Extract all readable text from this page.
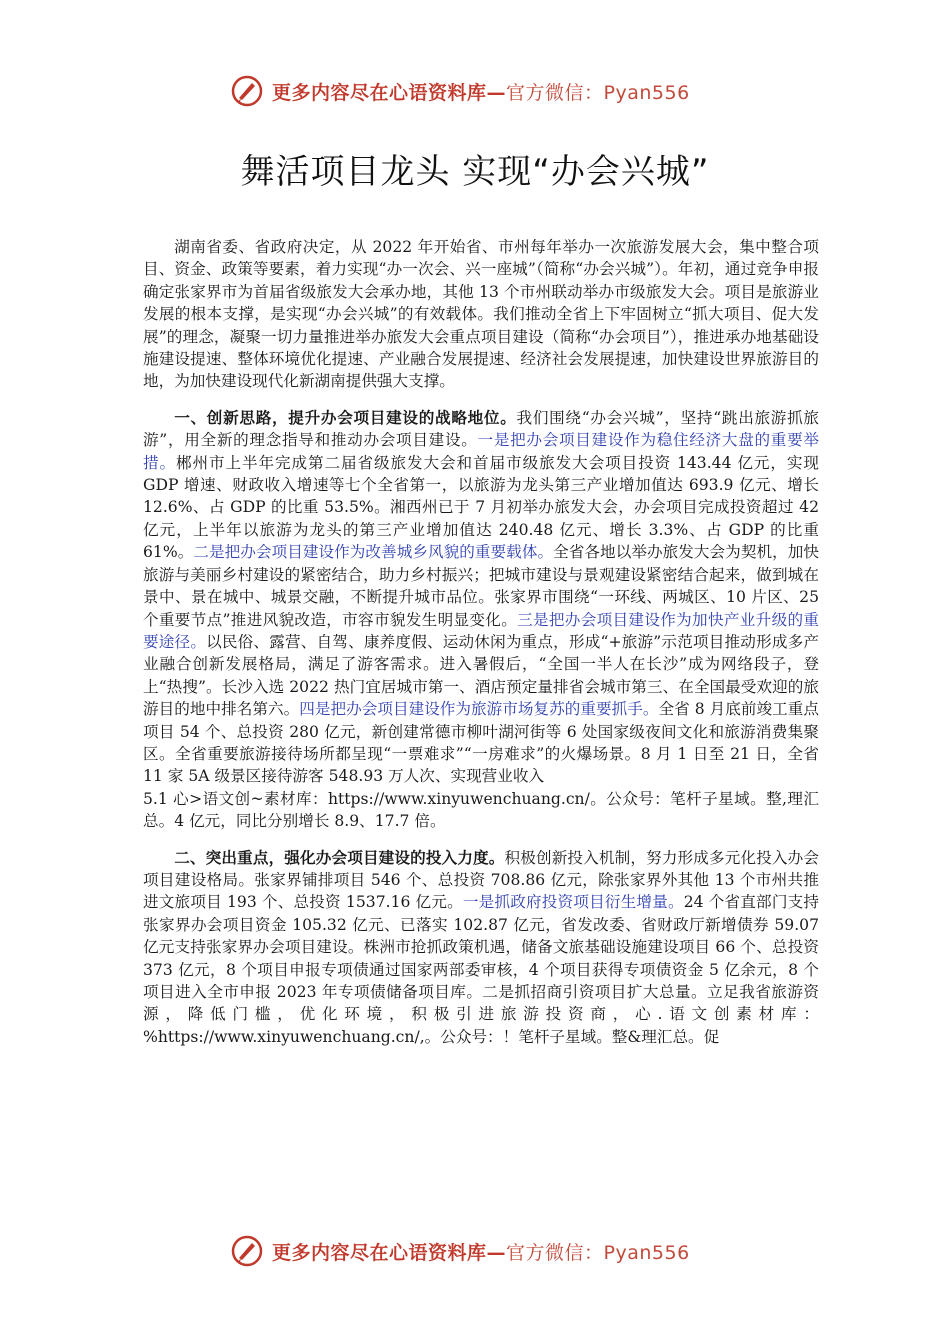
更多内容尽在心语资料库—官方微信：Pyan556
舞活项目龙头 实现“办会兴城”

湖南省委、省政府决定，从 2022 年开始省、市州每年举办一次旅游发展大会，集中整合项目、资金、政策等要素，着力实现“办一次会、兴一座城”（简称“办会兴城”）。年初，通过竞争申报确定张家界市为首届省级旅发大会承办地，其他 13 个市州联动举办市级旅发大会。项目是旅游业发展的根本支撑，是实现“办会兴城”的有效载体。我们推动全省上下牢固树立“抓大项目、促大发展”的理念，凝聚一切力量推进举办旅发大会重点项目建设（简称“办会项目”），推进承办地基础设施建设提速、整体环境优化提速、产业融合发展提速、经济社会发展提速，加快建设世界旅游目的地，为加快建设现代化新湖南提供强大支撑。

一、创新思路，提升办会项目建设的战略地位。我们围绕“办会兴城”，坚持“跳出旅游抓旅游”，用全新的理念指导和推动办会项目建设。一是把办会项目建设作为稳住经济大盘的重要举措。郴州市上半年完成第二届省级旅发大会和首届市级旅发大会项目投资 143.44 亿元，实现 GDP 增速、财政收入增速等七个全省第一，以旅游为龙头第三产业增加值达 693.9 亿元、增长 12.6%、占 GDP 的比重 53.5%。湘西州已于 7 月初举办旅发大会，办会项目完成投资超过 42 亿元，上半年以旅游为龙头的第三产业增加值达 240.48 亿元、增长 3.3%、占 GDP 的比重 61%。二是把办会项目建设作为改善城乡风貌的重要载体。全省各地以举办旅发大会为契机，加快旅游与美丽乡村建设的紧密结合，助力乡村振兴；把城市建设与景观建设紧密结合起来，做到城在景中、景在城中、城景交融，不断提升城市品位。张家界市围绕“一环线、两城区、10 片区、25 个重要节点”推进风貌改造，市容市貌发生明显变化。三是把办会项目建设作为加快产业升级的重要途径。以民俗、露营、自驾、康养度假、运动休闲为重点，形成“+旅游”示范项目推动形成多产业融合创新发展格局，满足了游客需求。进入暑假后，“全国一半人在长沙”成为网络段子，登上“热搜”。长沙入选 2022 热门宜居城市第一、酒店预定量排省会城市第三、在全国最受欢迎的旅游目的地中排名第六。四是把办会项目建设作为旅游市场复苏的重要抓手。全省 8 月底前竣工重点项目 54 个、总投资 280 亿元，新创建常德市柳叶湖河街等 6 处国家级夜间文化和旅游消费集聚区。全省重要旅游接待场所都呈现“一票难求”“一房难求”的火爆场景。8 月 1 日至 21 日，全省 11 家 5A 级景区接待游客 548.93 万人次、实现营业收入

5.1 心>语文创~素材库：https://www.xinyuwenchuang.cn/。公众号：笔杆子星域。整,理汇总。4 亿元，同比分别增长 8.9、17.7 倍。

二、突出重点，强化办会项目建设的投入力度。积极创新投入机制，努力形成多元化投入办会项目建设格局。张家界铺排项目 546 个、总投资 708.86 亿元，除张家界外其他 13 个市州共推进文旅项目 193 个、总投资 1537.16 亿元。一是抓政府投资项目衍生增量。24 个省直部门支持张家界办会项目资金 105.32 亿元、已落实 102.87 亿元，省发改委、省财政厅新增债券 59.07 亿元支持张家界办会项目建设。株洲市抢抓政策机遇，储备文旅基础设施建设项目 66 个、总投资 373 亿元，8 个项目申报专项债通过国家两部委审核，4 个项目获得专项债资金 5 亿余元，8 个项目进入全市申报 2023 年专项债储备项目库。二是抓招商引资项目扩大总量。立足我省旅游资源，降低门槛，优化环境，积极引进旅游投资商，心.语文创素材库：%https://www.xinyuwenchuang.cn/,。公众号：！笔杆子星域。整&理汇总。促

更多内容尽在心语资料库—官方微信：Pyan556
